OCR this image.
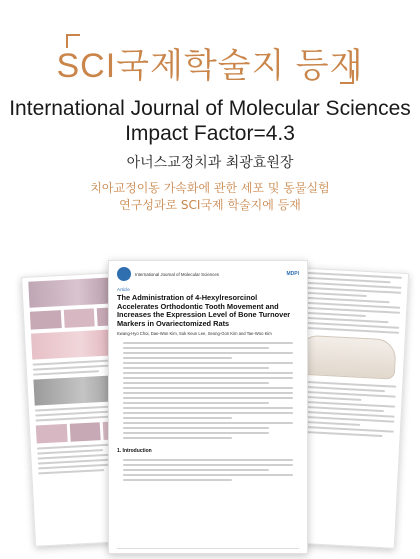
SCI국제학술지 등재
International Journal of Molecular Sciences
Impact Factor=4.3
아너스교정치과 최광효원장
치아교정이동 가속화에 관한 세포 및 동물실험
연구성과로 SCI국제 학술지에 등재
International Journal of Molecular Sciences	MDPI
Article
The Administration of 4-Hexylresorcinol Accelerates Orthodontic Tooth Movement and Increases the Expression Level of Bone Turnover Markers in Ovariectomized Rats
Kwang-Hyo Choi, Dae-Won Kim, Suk Keun Lee, Seong-Gon Kim and Tae-Woo Kim
1. Introduction
